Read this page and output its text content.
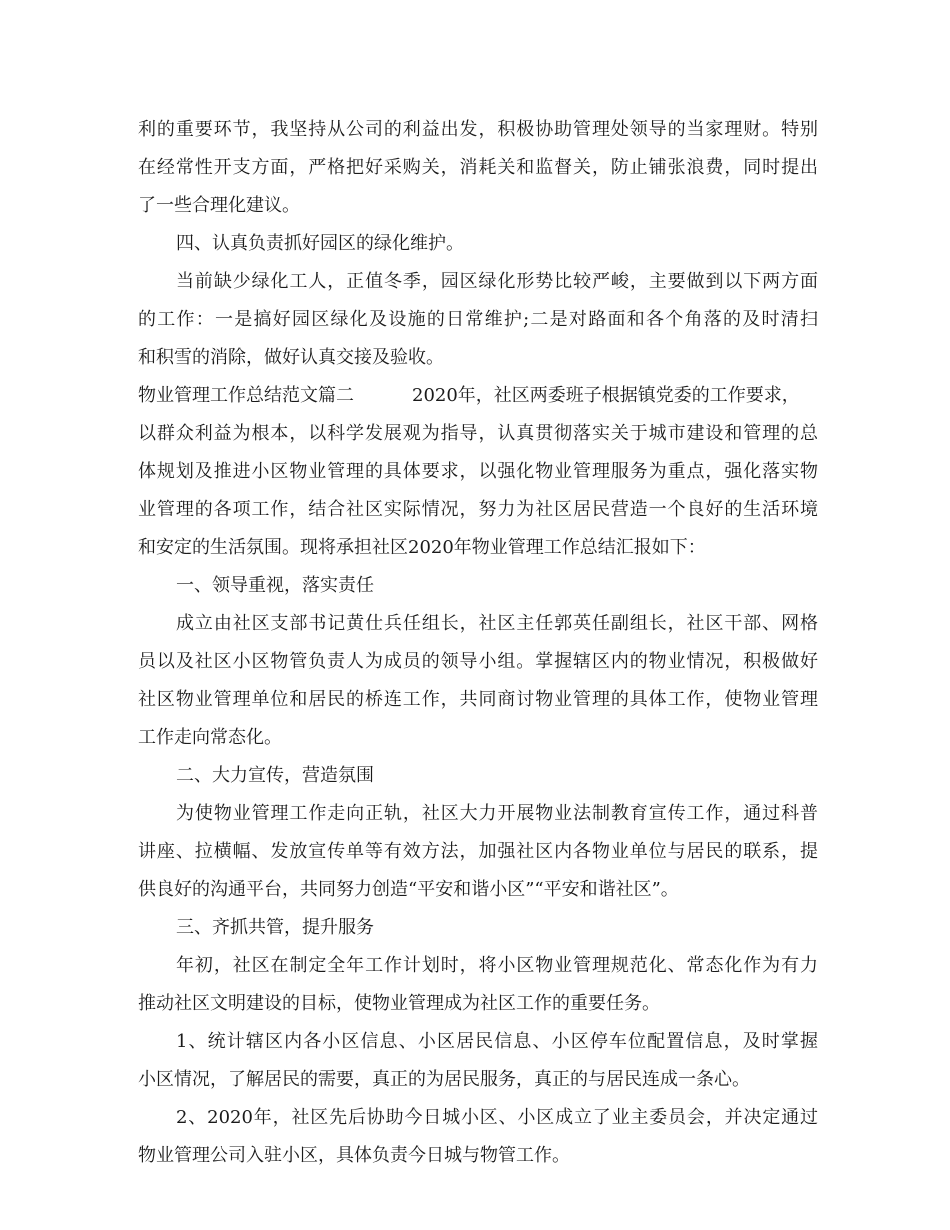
利的重要环节，我坚持从公司的利益出发，积极协助管理处领导的当家理财。特别
在经常性开支方面，严格把好采购关，消耗关和监督关，防止铺张浪费，同时提出
了一些合理化建议。
四、认真负责抓好园区的绿化维护。
当前缺少绿化工人，正值冬季，园区绿化形势比较严峻，主要做到以下两方面
的工作：一是搞好园区绿化及设施的日常维护;二是对路面和各个角落的及时清扫
和积雪的消除，做好认真交接及验收。
物业管理工作总结范文篇二	2020年，社区两委班子根据镇党委的工作要求，
以群众利益为根本，以科学发展观为指导，认真贯彻落实关于城市建设和管理的总
体规划及推进小区物业管理的具体要求，以强化物业管理服务为重点，强化落实物
业管理的各项工作，结合社区实际情况，努力为社区居民营造一个良好的生活环境
和安定的生活氛围。现将承担社区2020年物业管理工作总结汇报如下：
一、领导重视，落实责任
成立由社区支部书记黄仕兵任组长，社区主任郭英任副组长，社区干部、网格
员以及社区小区物管负责人为成员的领导小组。掌握辖区内的物业情况，积极做好
社区物业管理单位和居民的桥连工作，共同商讨物业管理的具体工作，使物业管理
工作走向常态化。
二、大力宣传，营造氛围
为使物业管理工作走向正轨，社区大力开展物业法制教育宣传工作，通过科普
讲座、拉横幅、发放宣传单等有效方法，加强社区内各物业单位与居民的联系，提
供良好的沟通平台，共同努力创造“平安和谐小区”“平安和谐社区”。
三、齐抓共管，提升服务
年初，社区在制定全年工作计划时，将小区物业管理规范化、常态化作为有力
推动社区文明建设的目标，使物业管理成为社区工作的重要任务。
1、统计辖区内各小区信息、小区居民信息、小区停车位配置信息，及时掌握
小区情况，了解居民的需要，真正的为居民服务，真正的与居民连成一条心。
2、2020年，社区先后协助今日城小区、小区成立了业主委员会，并决定通过
物业管理公司入驻小区，具体负责今日城与物管工作。
